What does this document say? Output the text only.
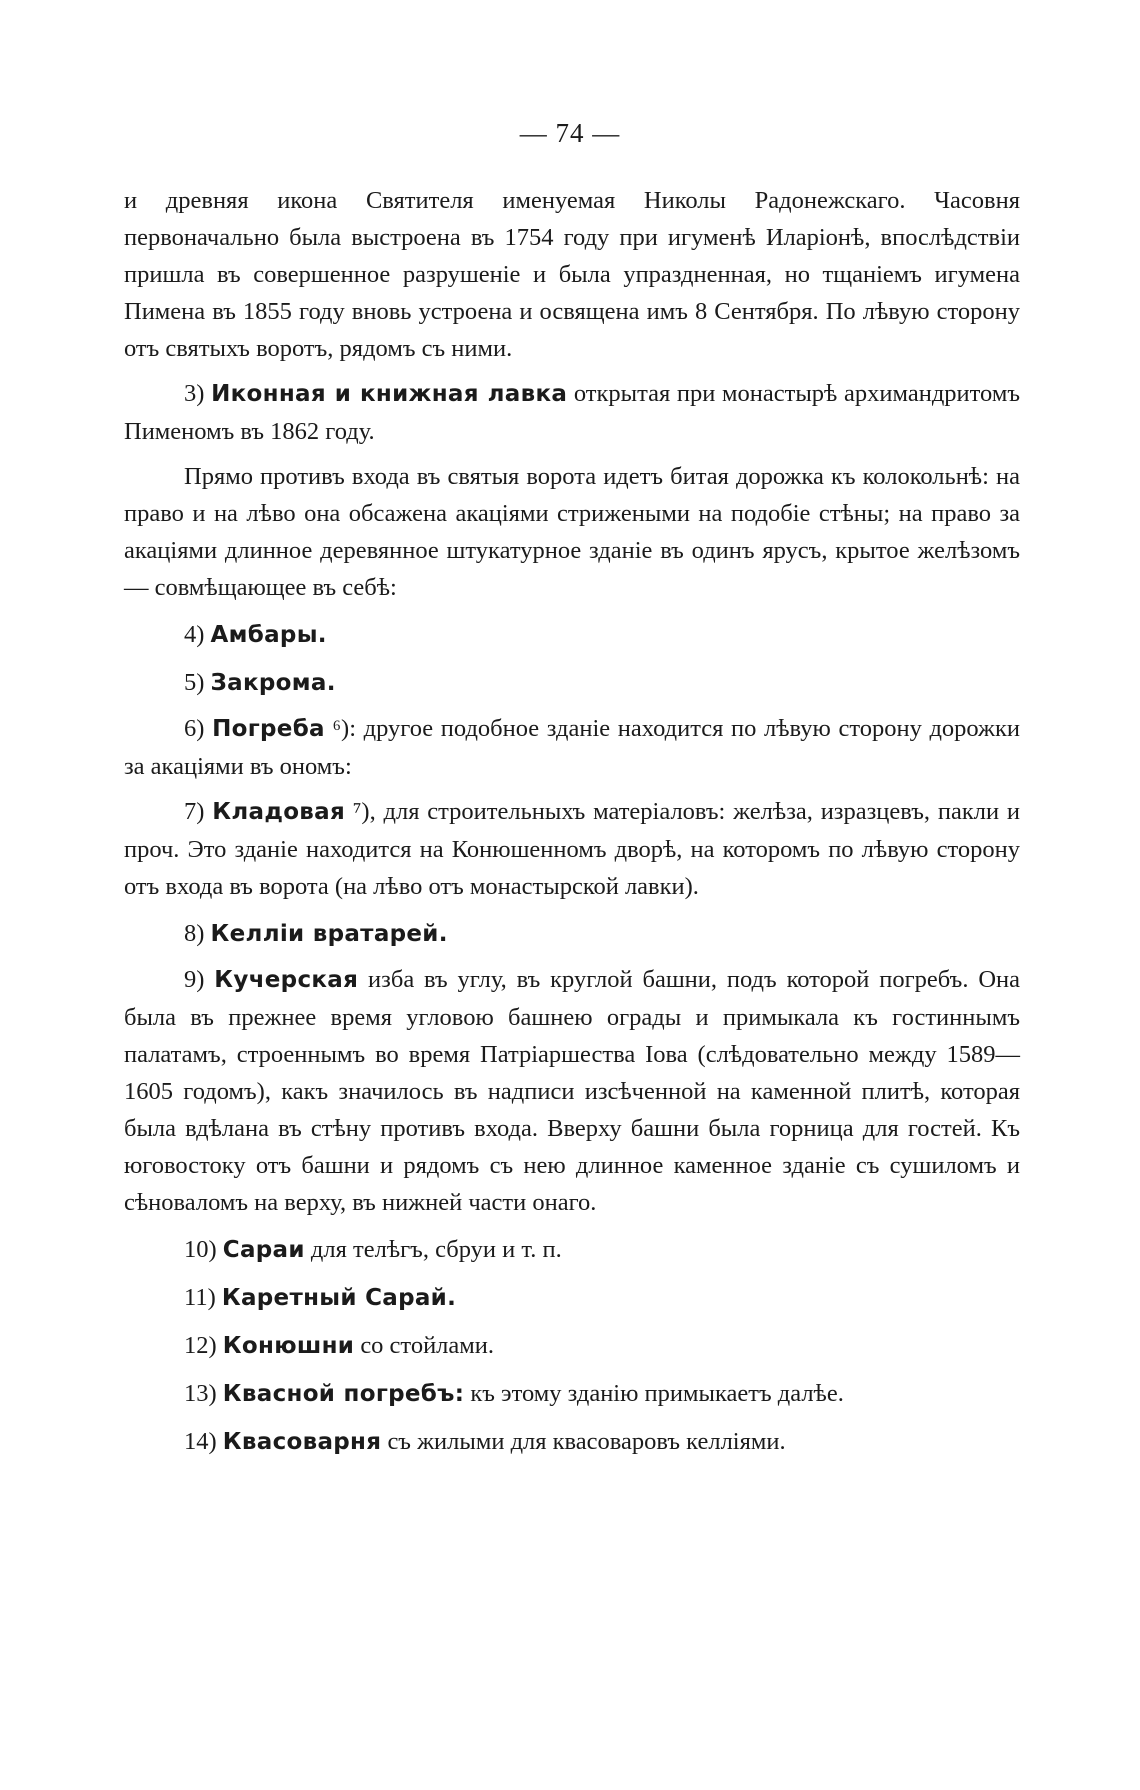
— 74 —

и древняя икона Святителя именуемая Николы Радонежскаго. Часовня первоначально была выстроена въ 1754 году при игуменѣ Иларіонѣ, впослѣдствіи пришла въ совершенное разрушеніе и была упраздненная, но тщаніемъ игумена Пимена въ 1855 году вновь устроена и освящена имъ 8 Сентября. По лѣвую сторону отъ святыхъ воротъ, рядомъ съ ними.

3) Иконная и книжная лавка открытая при монастырѣ архимандритомъ Пименомъ въ 1862 году.

Прямо противъ входа въ святыя ворота идетъ битая дорожка къ колокольнѣ: на право и на лѣво она обсажена акаціями стрижеными на подобіе стѣны; на право за акаціями длинное деревянное штукатурное зданіе въ одинъ ярусъ, крытое желѣзомъ — совмѣщающее въ себѣ:

4) Амбары.

5) Закрома.

6) Погреба ⁶): другое подобное зданіе находится по лѣвую сторону дорожки за акаціями въ ономъ:

7) Кладовая ⁷), для строительныхъ матеріаловъ: желѣза, изразцевъ, пакли и проч. Это зданіе находится на Конюшенномъ дворѣ, на которомъ по лѣвую сторону отъ входа въ ворота (на лѣво отъ монастырской лавки).

8) Келліи вратарей.

9) Кучерская изба въ углу, въ круглой башни, подъ которой погребъ. Она была въ прежнее время угловою башнею ограды и примыкала къ гостиннымъ палатамъ, строеннымъ во время Патріаршества Іова (слѣдовательно между 1589—1605 годомъ), какъ значилось въ надписи изсѣченной на каменной плитѣ, которая была вдѣлана въ стѣну противъ входа. Вверху башни была горница для гостей. Къ юговостоку отъ башни и рядомъ съ нею длинное каменное зданіе съ сушиломъ и сѣноваломъ на верху, въ нижней части онаго.

10) Сараи для телѣгъ, сбруи и т. п.

11) Каретный Сарай.

12) Конюшни со стойлами.

13) Квасной погребъ: къ этому зданію примыкаетъ далѣе.

14) Квасоварня съ жилыми для квасоваровъ келліями.
